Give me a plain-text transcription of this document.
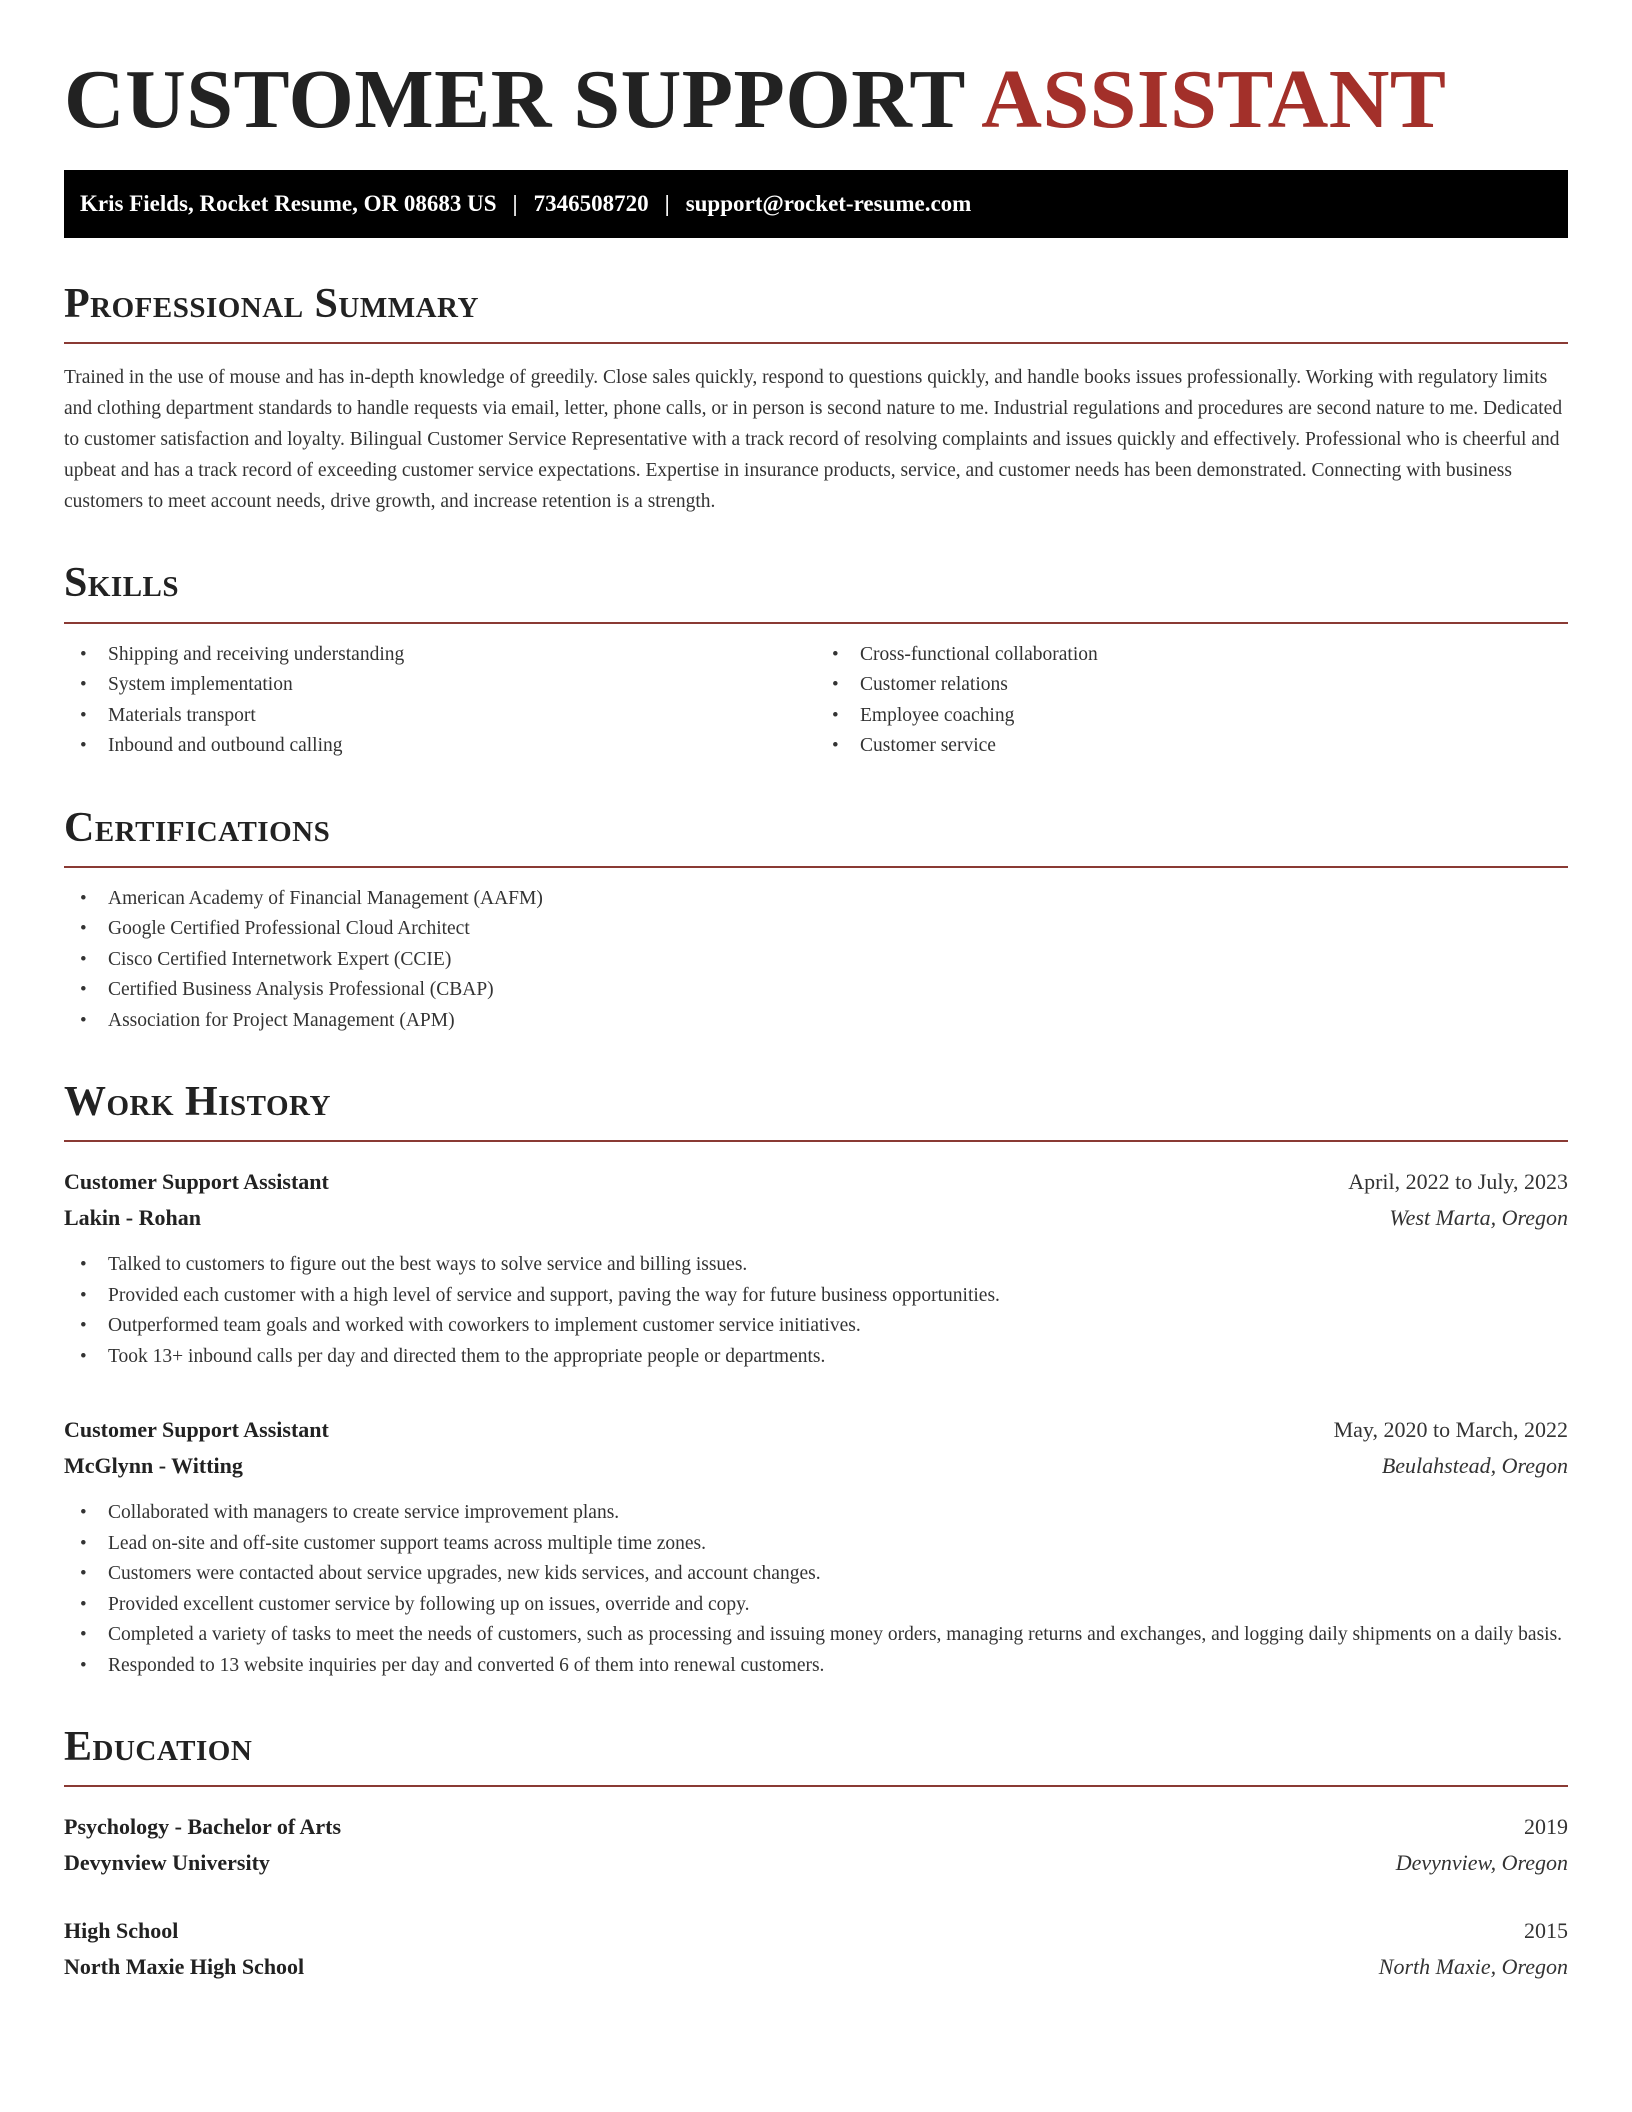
CUSTOMER SUPPORT ASSISTANT
Kris Fields, Rocket Resume, OR 08683 US | 7346508720 | support@rocket-resume.com
Professional Summary

Trained in the use of mouse and has in-depth knowledge of greedily. Close sales quickly, respond to questions quickly, and handle books issues professionally. Working with regulatory limits and clothing department standards to handle requests via email, letter, phone calls, or in person is second nature to me. Industrial regulations and procedures are second nature to me. Dedicated to customer satisfaction and loyalty. Bilingual Customer Service Representative with a track record of resolving complaints and issues quickly and effectively. Professional who is cheerful and upbeat and has a track record of exceeding customer service expectations. Expertise in insurance products, service, and customer needs has been demonstrated. Connecting with business customers to meet account needs, drive growth, and increase retention is a strength.

Skills
• Shipping and receiving understanding
• System implementation
• Materials transport
• Inbound and outbound calling
• Cross-functional collaboration
• Customer relations
• Employee coaching
• Customer service
Certifications
• American Academy of Financial Management (AAFM)
• Google Certified Professional Cloud Architect
• Cisco Certified Internetwork Expert (CCIE)
• Certified Business Analysis Professional (CBAP)
• Association for Project Management (APM)
Work History
Customer Support Assistant	April, 2022 to July, 2023
Lakin - Rohan	West Marta, Oregon
• Talked to customers to figure out the best ways to solve service and billing issues.
• Provided each customer with a high level of service and support, paving the way for future business opportunities.
• Outperformed team goals and worked with coworkers to implement customer service initiatives.
• Took 13+ inbound calls per day and directed them to the appropriate people or departments.
Customer Support Assistant	May, 2020 to March, 2022
McGlynn - Witting	Beulahstead, Oregon
• Collaborated with managers to create service improvement plans.
• Lead on-site and off-site customer support teams across multiple time zones.
• Customers were contacted about service upgrades, new kids services, and account changes.
• Provided excellent customer service by following up on issues, override and copy.
• Completed a variety of tasks to meet the needs of customers, such as processing and issuing money orders, managing returns and exchanges, and logging daily shipments on a daily basis.
• Responded to 13 website inquiries per day and converted 6 of them into renewal customers.
Education
Psychology - Bachelor of Arts	2019
Devynview University	Devynview, Oregon
High School	2015
North Maxie High School	North Maxie, Oregon
